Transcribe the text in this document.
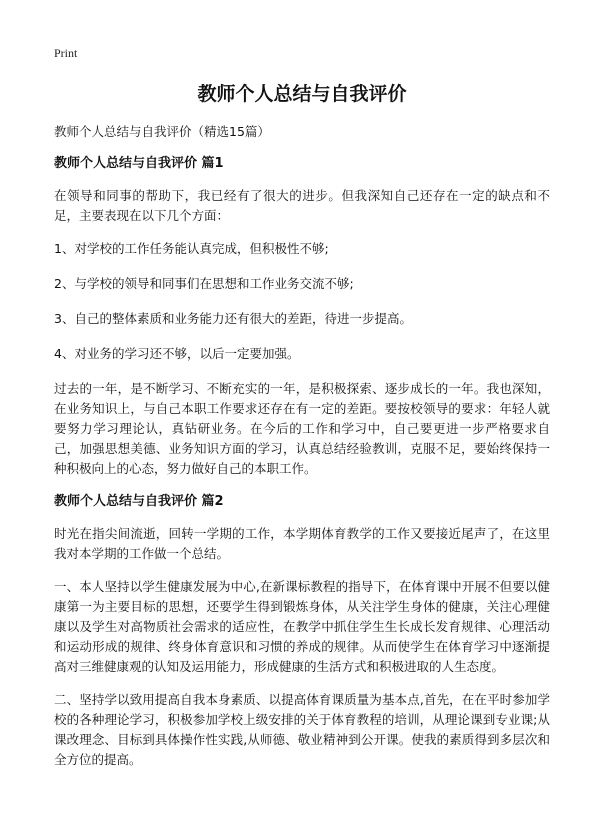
Print
教师个人总结与自我评价
教师个人总结与自我评价（精选15篇）
教师个人总结与自我评价 篇1
在领导和同事的帮助下，我已经有了很大的进步。但我深知自己还存在一定的缺点和不足，主要表现在以下几个方面：
1、对学校的工作任务能认真完成，但积极性不够;
2、与学校的领导和同事们在思想和工作业务交流不够;
3、自己的整体素质和业务能力还有很大的差距，待进一步提高。
4、对业务的学习还不够，以后一定要加强。
过去的一年，是不断学习、不断充实的一年，是积极探索、逐步成长的一年。我也深知，在业务知识上，与自己本职工作要求还存在有一定的差距。要按校领导的要求：年轻人就要努力学习理论认，真钻研业务。在今后的工作和学习中，自己要更进一步严格要求自己，加强思想美德、业务知识方面的学习，认真总结经验教训，克服不足，要始终保持一种积极向上的心态，努力做好自己的本职工作。
教师个人总结与自我评价 篇2
时光在指尖间流逝，回转一学期的工作，本学期体育教学的工作又要接近尾声了，在这里我对本学期的工作做一个总结。
一、本人坚持以学生健康发展为中心,在新课标教程的指导下，在体育课中开展不但要以健康第一为主要目标的思想，还要学生得到锻炼身体，从关注学生身体的健康，关注心理健康以及学生对高物质社会需求的适应性，在教学中抓住学生生长成长发育规律、心理活动和运动形成的规律、终身体育意识和习惯的养成的规律。从而使学生在体育学习中逐渐提高对三维健康观的认知及运用能力，形成健康的生活方式和积极进取的人生态度。
二、坚持学以致用提高自我本身素质、以提高体育课质量为基本点,首先，在在平时参加学校的各种理论学习，积极参加学校上级安排的关于体育教程的培训，从理论课到专业课;从课改理念、目标到具体操作性实践,从师德、敬业精神到公开课。使我的素质得到多层次和全方位的提高。
